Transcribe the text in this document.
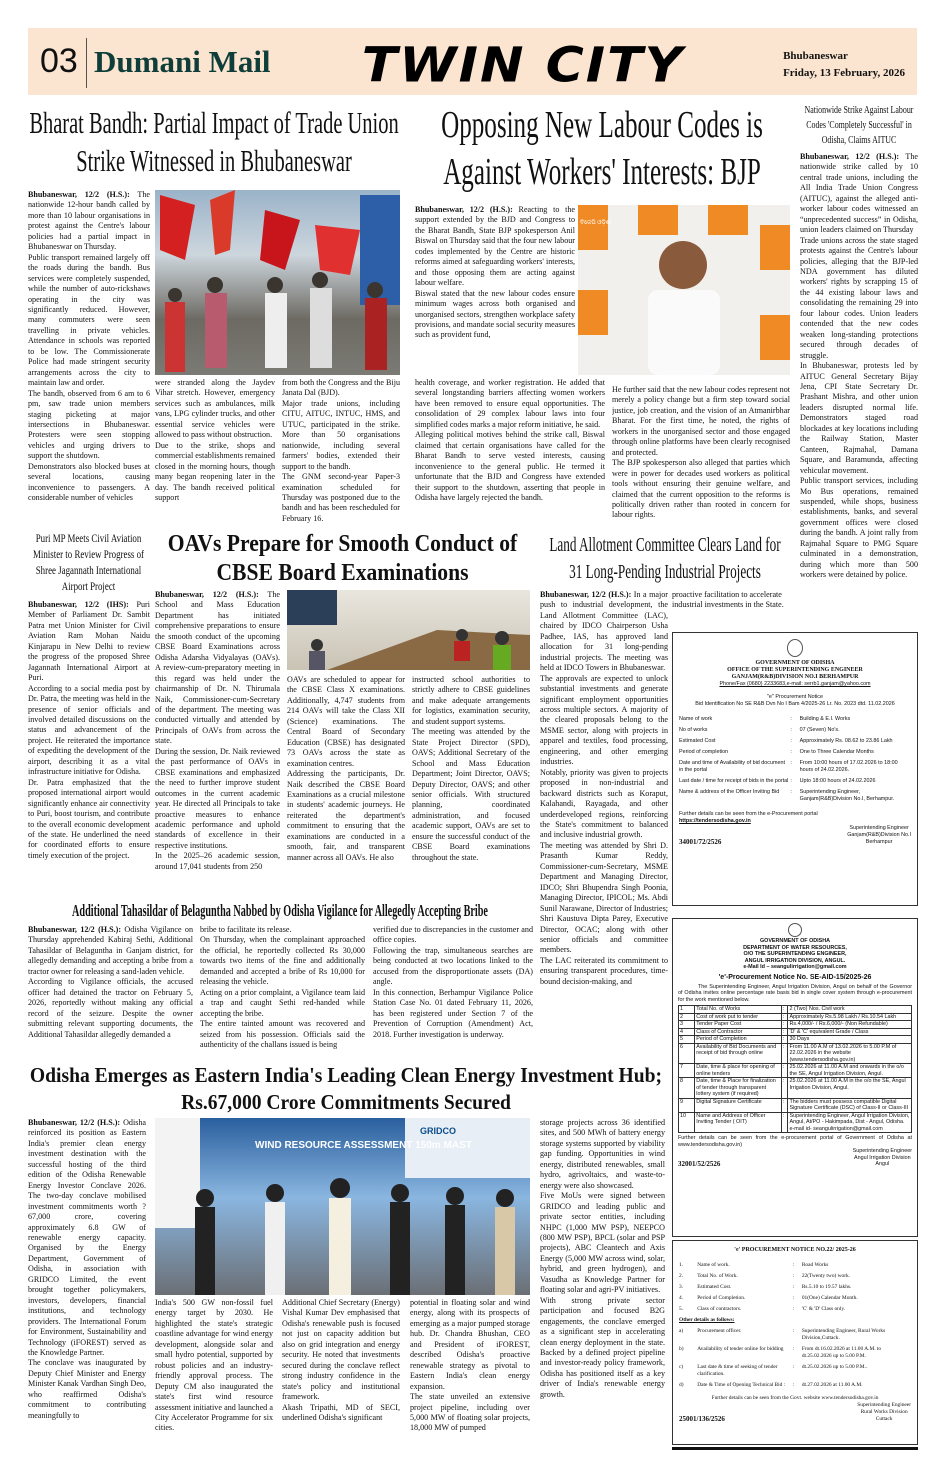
03 Dumani Mail	TWIN CITY	Bhubaneswar
Friday, 13 February, 2026
Bharat Bandh: Partial Impact of Trade Union Strike Witnessed in Bhubaneswar

Bhubaneswar, 12/2 (H.S.): The nationwide 12-hour bandh called by more than 10 labour organisations in protest against the Centre's labour policies had a partial impact in Bhubaneswar on Thursday.

Public transport remained largely off the roads during the bandh. Bus services were completely suspended, while the number of auto-rickshaws operating in the city was significantly reduced. However, many commuters were seen travelling in private vehicles. Attendance in schools was reported to be low. The Commissionerate Police had made stringent security arrangements across the city to maintain law and order.

The bandh, observed from 6 am to 6 pm, saw trade union members staging picketing at major intersections in Bhubaneswar. Protesters were seen stopping vehicles and urging drivers to support the shutdown.

Demonstrators also blocked buses at several locations, causing inconvenience to passengers. A considerable number of vehicles

were stranded along the Jaydev Vihar stretch. However, emergency services such as ambulances, milk vans, LPG cylinder trucks, and other essential service vehicles were allowed to pass without obstruction.

Due to the strike, shops and commercial establishments remained closed in the morning hours, though many began reopening later in the day. The bandh received political support

from both the Congress and the Biju Janata Dal (BJD).

Major trade unions, including CITU, AITUC, INTUC, HMS, and UTUC, participated in the strike. More than 50 organisations nationwide, including several farmers' bodies, extended their support to the bandh.

The GNM second-year Paper-3 examination scheduled for Thursday was postponed due to the bandh and has been rescheduled for February 16.

Opposing New Labour Codes is Against Workers' Interests: BJP

Bhubaneswar, 12/2 (H.S.): Reacting to the support extended by the BJD and Congress to the Bharat Bandh, State BJP spokesperson Anil Biswal on Thursday said that the four new labour codes implemented by the Centre are historic reforms aimed at safeguarding workers' interests, and those opposing them are acting against labour welfare.

Biswal stated that the new labour codes ensure minimum wages across both organised and unorganised sectors, strengthen workplace safety provisions, and mandate social security measures such as provident fund,

ବିଜେପି ଓଡ଼ିଶା

health coverage, and worker registration. He added that several longstanding barriers affecting women workers have been removed to ensure equal opportunities. The consolidation of 29 complex labour laws into four simplified codes marks a major reform initiative, he said.

Alleging political motives behind the strike call, Biswal claimed that certain organisations have called for the Bharat Bandh to serve vested interests, causing inconvenience to the general public. He termed it unfortunate that the BJD and Congress have extended their support to the shutdown, asserting that people in Odisha have largely rejected the bandh.

He further said that the new labour codes represent not merely a policy change but a firm step toward social justice, job creation, and the vision of an Atmanirbhar Bharat. For the first time, he noted, the rights of workers in the unorganised sector and those engaged through online platforms have been clearly recognised and protected.

The BJP spokesperson also alleged that parties which were in power for decades used workers as political tools without ensuring their genuine welfare, and claimed that the current opposition to the reforms is politically driven rather than rooted in concern for labour rights.

Nationwide Strike Against Labour Codes 'Completely Successful' in Odisha, Claims AITUC

Bhubaneswar, 12/2 (H.S.): The nationwide strike called by 10 central trade unions, including the All India Trade Union Congress (AITUC), against the alleged anti-worker labour codes witnessed an “unprecedented success” in Odisha, union leaders claimed on Thursday

Trade unions across the state staged protests against the Centre's labour policies, alleging that the BJP-led NDA government has diluted workers' rights by scrapping 15 of the 44 existing labour laws and consolidating the remaining 29 into four labour codes. Union leaders contended that the new codes weaken long-standing protections secured through decades of struggle.

In Bhubaneswar, protests led by AITUC General Secretary Bijay Jena, CPI State Secretary Dr. Prashant Mishra, and other union leaders disrupted normal life. Demonstrators staged road blockades at key locations including the Railway Station, Master Canteen, Rajmahal, Damana Square, and Baramunda, affecting vehicular movement.

Public transport services, including Mo Bus operations, remained suspended, while shops, business establishments, banks, and several government offices were closed during the bandh. A joint rally from Rajmahal Square to PMG Square culminated in a demonstration, during which more than 500 workers were detained by police.

Puri MP Meets Civil Aviation Minister to Review Progress of Shree Jagannath International Airport Project

Bhubaneswar, 12/2 (IHS): Puri Member of Parliament Dr. Sambit Patra met Union Minister for Civil Aviation Ram Mohan Naidu Kinjarapu in New Delhi to review the progress of the proposed Shree Jagannath International Airport at Puri.

According to a social media post by Dr. Patra, the meeting was held in the presence of senior officials and involved detailed discussions on the status and advancement of the project. He reiterated the importance of expediting the development of the airport, describing it as a vital infrastructure initiative for Odisha.

Dr. Patra emphasized that the proposed international airport would significantly enhance air connectivity to Puri, boost tourism, and contribute to the overall economic development of the state. He underlined the need for coordinated efforts to ensure timely execution of the project.

OAVs Prepare for Smooth Conduct of CBSE Board Examinations

Bhubaneswar, 12/2 (H.S.): The School and Mass Education Department has initiated comprehensive preparations to ensure the smooth conduct of the upcoming CBSE Board Examinations across Odisha Adarsha Vidyalayas (OAVs). A review-cum-preparatory meeting in this regard was held under the chairmanship of Dr. N. Thirumala Naik, Commissioner-cum-Secretary of the department. The meeting was conducted virtually and attended by Principals of OAVs from across the state.

During the session, Dr. Naik reviewed the past performance of OAVs in CBSE examinations and emphasized the need to further improve student outcomes in the current academic year. He directed all Principals to take proactive measures to enhance academic performance and uphold standards of excellence in their respective institutions.

In the 2025–26 academic session, around 17,041 students from 250

OAVs are scheduled to appear for the CBSE Class X examinations. Additionally, 4,747 students from 214 OAVs will take the Class XII (Science) examinations. The Central Board of Secondary Education (CBSE) has designated 73 OAVs across the state as examination centres.

Addressing the participants, Dr. Naik described the CBSE Board Examinations as a crucial milestone in students' academic journeys. He reiterated the department's commitment to ensuring that the examinations are conducted in a smooth, fair, and transparent manner across all OAVs. He also

instructed school authorities to strictly adhere to CBSE guidelines and make adequate arrangements for logistics, examination security, and student support systems.

The meeting was attended by the State Project Director (SPD), OAVS; Additional Secretary of the School and Mass Education Department; Joint Director, OAVS; Deputy Director, OAVS; and other senior officials. With structured planning, coordinated administration, and focused academic support, OAVs are set to ensure the successful conduct of the CBSE Board examinations throughout the state.

Land Allotment Committee Clears Land for 31 Long-Pending Industrial Projects

Bhubaneswar, 12/2 (H.S.): In a major push to industrial development, the Land Allotment Committee (LAC), chaired by IDCO Chairperson Usha Padhee, IAS, has approved land allocation for 31 long-pending industrial projects. The meeting was held at IDCO Towers in Bhubaneswar.

The approvals are expected to unlock substantial investments and generate significant employment opportunities across multiple sectors. A majority of the cleared proposals belong to the MSME sector, along with projects in apparel and textiles, food processing, engineering, and other emerging industries.

Notably, priority was given to projects proposed in non-industrial and backward districts such as Koraput, Kalahandi, Rayagada, and other underdeveloped regions, reinforcing the State's commitment to balanced and inclusive industrial growth.

The meeting was attended by Shri D. Prasanth Kumar Reddy, Commissioner-cum-Secretary, MSME Department and Managing Director, IDCO; Shri Bhupendra Singh Poonia, Managing Director, IPICOL; Ms. Abdi Sunil Narawane, Director of Industries; Shri Kaustuva Dipta Parey, Executive Director, OCAC; along with other senior officials and committee members.

The LAC reiterated its commitment to ensuring transparent procedures, time-bound decision-making, and

proactive facilitation to accelerate industrial investments in the State.

GOVERNMENT OF ODISHA
OFFICE OF THE SUPERINTENDING ENGINEER
GANJAM(R&B)DIVISION NO.I BERHAMPUR
Phone/Fax (0680) 2233683,e-mail: serrb1.ganjam@yahoo.com
"e" Procurement Notice
Bid Identification No SE R&B Dvn No I Bam 4/2025-26 Lr. No. 2023 dtd. 11.02.2026
Name of work	:	Building & E.I. Works
No of works	:	07 (Seven) No's.
Estimated Cost	:	Approximately Rs. 08.62 to 23.86 Lakh
Period of completion	:	One to Three Calendar Months
Date and time of Availability of bid document in the portal
:	From 10:00 hours of 17.02.2026 to 18:00 hours of 24.02.2026.
Last date / time for receipt of bids in the portal :	Upto 18:00 hours of 24.02.2026
Name & address of the Officer Inviting Bid	:	Superintending Engineer, Ganjam(R&B)Division No.I, Berhampur.
Further details can be seen from the e-Procurement portal
https://tendersodisha.gov.in
34001/72/2526
Superintending Engineer
Ganjam(R&B)Division No.I
Berhampur
Additional Tahasildar of Belaguntha Nabbed by Odisha Vigilance for Allegedly Accepting Bribe

Bhubaneswar, 12/2 (H.S.): Odisha Vigilance on Thursday apprehended Kabiraj Sethi, Additional Tahasildar of Belaguntha in Ganjam district, for allegedly demanding and accepting a bribe from a tractor owner for releasing a sand-laden vehicle.

According to Vigilance officials, the accused officer had detained the tractor on February 5, 2026, reportedly without making any official record of the seizure. Despite the owner submitting relevant supporting documents, the Additional Tahasildar allegedly demanded a

bribe to facilitate its release.

On Thursday, when the complainant approached the official, he reportedly collected Rs 30,000 towards two items of the fine and additionally demanded and accepted a bribe of Rs 10,000 for releasing the vehicle.

Acting on a prior complaint, a Vigilance team laid a trap and caught Sethi red-handed while accepting the bribe.

The entire tainted amount was recovered and seized from his possession. Officials said the authenticity of the challans issued is being

verified due to discrepancies in the customer and office copies.

Following the trap, simultaneous searches are being conducted at two locations linked to the accused from the disproportionate assets (DA) angle.

In this connection, Berhampur Vigilance Police Station Case No. 01 dated February 11, 2026, has been registered under Section 7 of the Prevention of Corruption (Amendment) Act, 2018. Further investigation is underway.

GOVERNMENT OF ODISHA
DEPARTMENT OF WATER RESOURCES,
O/O THE SUPERINTENDING ENGINEER,
ANGUL IRRIGATION DIVISION, ANGUL.
e-Mail Id – seangulirrigation@gmail.com
'e'-Procurement Notice No. SE-AID-15/2025-26
The Superintending Engineer, Angul Irrigation Division, Angul on behalf of the Governor of Odisha invites online percentage rate basis bid in single cover system through e-procurement for the work mentioned below.
1	Total No. of Works	:	2 (Two) Nos. Civil work
2	Cost of work put to tender	:	Approximately Rs.5.98 Lakh / Rs.10.54 Lakh
3	Tender Paper Cost	:	Rs.4,000/- / Rs.6,000/- (Non Refundable)
4	Class of Contractor	:	'D' & 'C' equivalent Grade / Class
5	Period of Completion	:	30 Days
6	Availability of Bid Documents and receipt of bid through online	:	From 11.00 A.M of 13.02.2026 to 5.00 P.M of 22.02.2026 in the website (www.tendersodisha.gov.in)
7	Date, time & place for opening of online tenders	:	25.02.2026 at 11.00 A.M and onwards in the o/o the SE, Angul Irrigation Division, Angul.
8	Date, time & Place for finalization of tender through transparent lottery system (if required)	:	25.02.2026 at 11.00 A.M in the o/o the SE, Angul Irrigation Division, Angul.
9	Digital Signature Certificate	:	The bidders must possess compatible Digital Signature Certificate (DSC) of Class-II or Class-III
10	Name and Address of Officer Inviting Tender ( OIT)	:	Superintending Engineer, Angul Irrigation Division, Angul, At/PO - Hakimpada, Dist - Angul, Odisha. e-mail id- seangulirrigation@gmail.com
Further details can be seen from the e-procurement portal of Government of Odisha at www.tendersodisha.gov.in)
32001/52/2526
Superintending Engineer
Angul Irrigation Division
Angul
Odisha Emerges as Eastern India's Leading Clean Energy Investment Hub; Rs.67,000 Crore Commitments Secured

Bhubaneswar, 12/2 (H.S.): Odisha reinforced its position as Eastern India's premier clean energy investment destination with the successful hosting of the third edition of the Odisha Renewable Energy Investor Conclave 2026. The two-day conclave mobilised investment commitments worth ?67,000 crore, covering approximately 6.8 GW of renewable energy capacity. Organised by the Energy Department, Government of Odisha, in association with GRIDCO Limited, the event brought together policymakers, investors, developers, financial institutions, and technology providers. The International Forum for Environment, Sustainability and Technology (iFOREST) served as the Knowledge Partner.

The conclave was inaugurated by Deputy Chief Minister and Energy Minister Kanak Vardhan Singh Deo, who reaffirmed Odisha's commitment to contributing meaningfully to

WIND RESOURCE ASSESSMENT 150m MAST
GRIDCO

India's 500 GW non-fossil fuel energy target by 2030. He highlighted the state's strategic coastline advantage for wind energy development, alongside solar and small hydro potential, supported by robust policies and an industry-friendly approval process. The Deputy CM also inaugurated the state's first wind resource assessment initiative and launched a City Accelerator Programme for six cities.

Additional Chief Secretary (Energy) Vishal Kumar Dev emphasised that Odisha's renewable push is focused not just on capacity addition but also on grid integration and energy security. He noted that investments secured during the conclave reflect strong industry confidence in the state's policy and institutional framework.

Akash Tripathi, MD of SECI, underlined Odisha's significant

potential in floating solar and wind energy, along with its prospects of emerging as a major pumped storage hub. Dr. Chandra Bhushan, CEO and President of iFOREST, described Odisha's proactive renewable strategy as pivotal to Eastern India's clean energy expansion.

The state unveiled an extensive project pipeline, including over 5,000 MW of floating solar projects, 18,000 MW of pumped

storage projects across 36 identified sites, and 500 MWh of battery energy storage systems supported by viability gap funding. Opportunities in wind energy, distributed renewables, small hydro, agrivoltaics, and waste-to-energy were also showcased.

Five MoUs were signed between GRIDCO and leading public and private sector entities, including NHPC (1,000 MW PSP), NEEPCO (800 MW PSP), BPCL (solar and PSP projects), ABC Cleantech and Axis Energy (5,000 MW across wind, solar, hybrid, and green hydrogen), and Vasudha as Knowledge Partner for floating solar and agri-PV initiatives.

With strong private sector participation and focused B2G engagements, the conclave emerged as a significant step in accelerating clean energy deployment in the state. Backed by a defined project pipeline and investor-ready policy framework, Odisha has positioned itself as a key driver of India's renewable energy growth.

'e' PROCUREMENT NOTICE NO.22/ 2025-26
1.	Name of work.	:	Road Works
2.	Total No. of Work.	:	22(Twenty two) work.
3.	Estimated Cost.	:	Rs.5.10 to 19.57 lakhs.
4.	Period of Completion.	:	01(One) Calendar Month.
5.	Class of contractors.	:	'C' & 'D' Class only.
Other details as follows:
a)	Procurement officer.	:	Superintending Engineer, Rural Works Division,Cuttack.
b)	Availability of tender online for bidding	:	From dt.16.02.2026 at 11.00 A.M. to dt.25.02.2026 up to 5.00 P.M.
c)	Last date & time of seeking of tender clarification.
:	dt.25.02.2026 up to 5.00 P.M..
d)	Date & Time of Opening Technical Bid :	:	dt.27.02.2026 at 11.00 A.M.
Further details can be seen from the Govt. website www.tendersodisha.gov.in
25001/136/2526
Superintending Engineer
Rural Works Division
Cuttack
